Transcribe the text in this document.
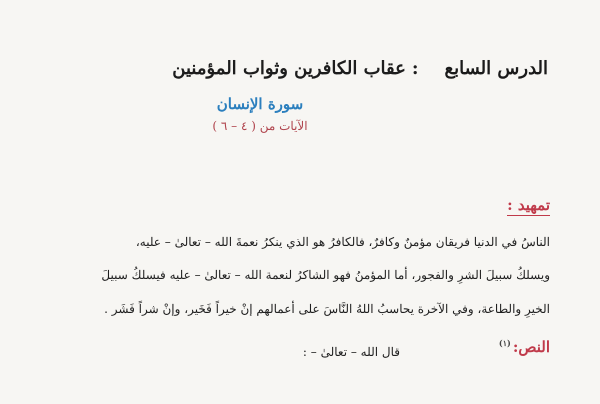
الدرس السابع:عقاب الكافرين وثواب المؤمنين
سورة الإنسان
الآيات من ( ٤ – ٦ )
تمهيد :
الناسُ في الدنيا فريقان مؤمنٌ وكافرٌ، فالكافرُ هو الذي ينكرُ نعمةَ الله – تعالىٰ – عليه،
ويسلكُ سبيلَ الشرِ والفجور، أما المؤمنُ فهو الشاكرُ لنعمة الله – تعالىٰ – عليه فيسلكُ سبيلَ
الخيرِ والطاعة، وفي الآخرة يحاسبُ اللهُ النَّاسَ على أعمالهم إنْ خيراً فَخَير، وإنْ شراً فَشَر .
النص:$^{(١)}$
قال الله – تعالىٰ – :
